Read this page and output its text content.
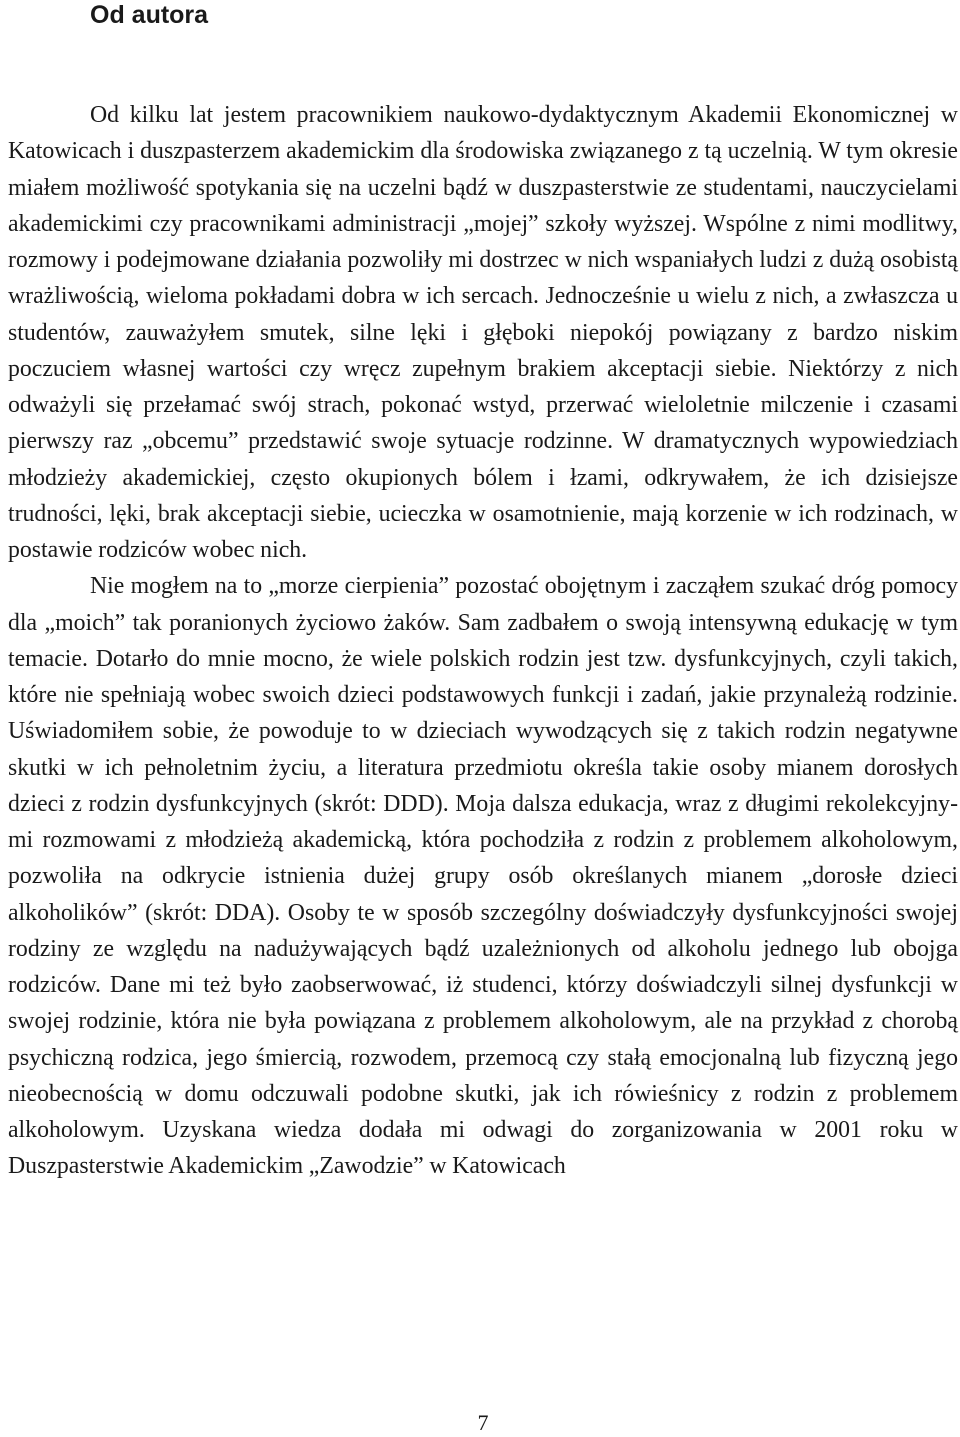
Od autora

Od kilku lat jestem pracownikiem naukowo-dydaktycznym Akademii Ekonomicznej w Katowicach i duszpasterzem akademickim dla środowiska związanego z tą uczelnią. W tym okresie miałem możliwość spotykania się na uczelni bądź w duszpasterstwie ze studentami, nauczycielami akademickimi czy pracownikami administracji „mojej” szkoły wyższej. Wspólne z nimi modlitwy, rozmowy i podejmowane działania pozwoliły mi dostrzec w nich wspaniałych ludzi z dużą osobistą wrażliwością, wieloma pokładami dobra w ich sercach. Jednocześnie u wielu z nich, a zwłaszcza u studentów, zauważyłem smutek, silne lęki i głęboki niepokój powiązany z bardzo niskim poczuciem własnej wartości czy wręcz zupełnym brakiem akceptacji siebie. Niektórzy z nich odważyli się przełamać swój strach, pokonać wstyd, przerwać wieloletnie milczenie i czasami pierwszy raz „obcemu” przedstawić swoje sytuacje rodzinne. W dramatycznych wypowiedziach młodzieży akademickiej, często okupionych bólem i łzami, odkrywałem, że ich dzisiejsze trudności, lęki, brak akceptacji siebie, ucieczka w osamotnienie, mają korzenie w ich rodzinach, w postawie rodziców wobec nich.

Nie mogłem na to „morze cierpienia” pozostać obojętnym i zacząłem szukać dróg pomocy dla „moich” tak poranionych życiowo żaków. Sam zadbałem o swoją intensywną edukację w tym temacie. Dotarło do mnie mocno, że wiele polskich rodzin jest tzw. dysfunkcyjnych, czyli takich, które nie spełniają wobec swoich dzieci podstawowych funkcji i zadań, jakie przynależą rodzinie. Uświadomiłem sobie, że powoduje to w dzieciach wywodzących się z takich rodzin negatywne skutki w ich pełnoletnim życiu, a literatura przedmiotu określa takie osoby mianem dorosłych dzieci z rodzin dysfunkcyjnych (skrót: DDD). Moja dalsza edukacja, wraz z długimi rekolekcyjnymi rozmowami z młodzieżą akademicką, która pochodziła z rodzin z problemem alkoholowym, pozwoliła na odkrycie istnienia dużej grupy osób określanych mianem „dorosłe dzieci alkoholików” (skrót: DDA). Osoby te w sposób szczególny doświadczyły dysfunkcyjności swojej rodziny ze względu na nadużywających bądź uzależnionych od alkoholu jednego lub obojga rodziców. Dane mi też było zaobserwować, iż studenci, którzy doświadczyli silnej dysfunkcji w swojej rodzinie, która nie była powiązana z problemem alkoholowym, ale na przykład z chorobą psychiczną rodzica, jego śmiercią, rozwodem, przemocą czy stałą emocjonalną lub fizyczną jego nieobecnością w domu odczuwali podobne skutki, jak ich rówieśnicy z rodzin z problemem alkoholowym. Uzyskana wiedza dodała mi odwagi do zorganizowania w 2001 roku w Duszpasterstwie Akademickim „Zawodzie” w Katowicach

7
